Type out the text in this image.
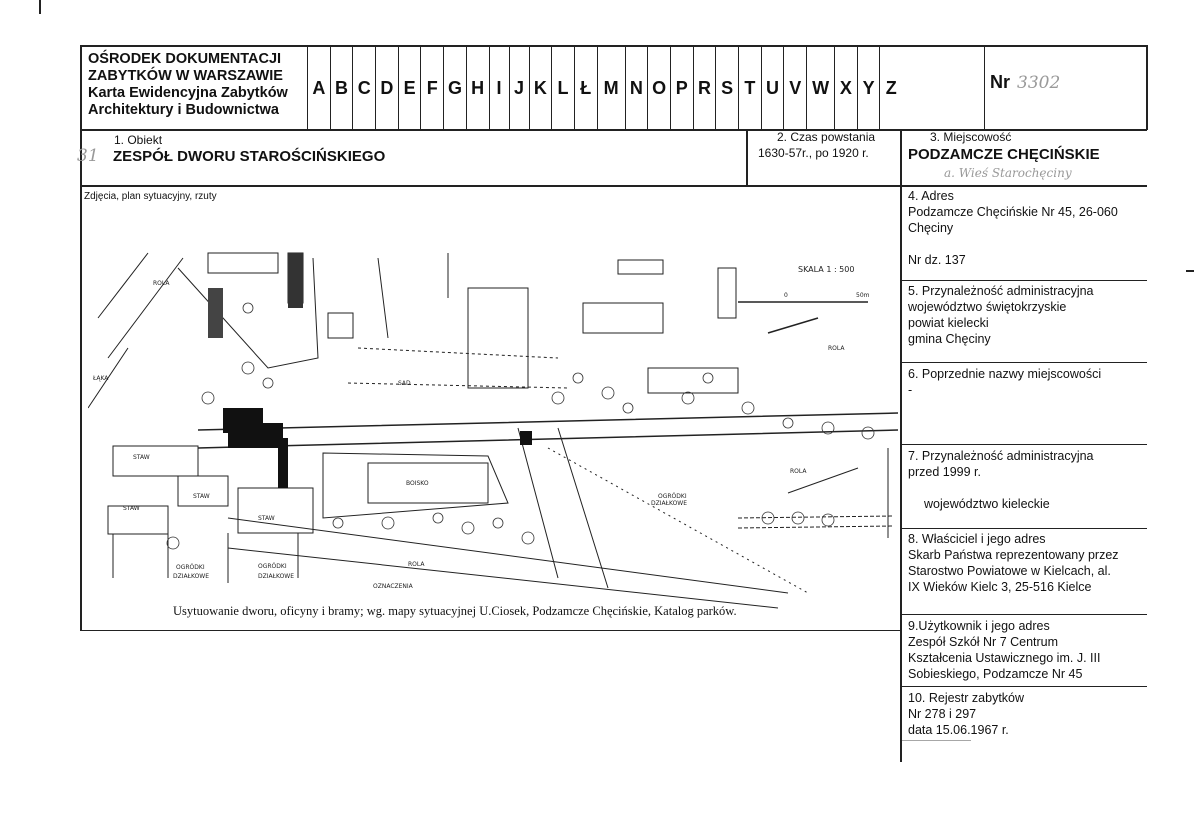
OŚRODEK DOKUMENTACJI
ZABYTKÓW W WARSZAWIE
Karta Ewidencyjna Zabytków
Architektury i Budownictwa
A B C D E F G H I J K L Ł M N O P R S T U V W X Y Z	Nr 3302
1. Obiekt
31 ZESPÓŁ DWORU STAROŚCIŃSKIEGO
2. Czas powstania
1630-57r., po 1920 r.
3. Miejscowość
PODZAMCZE CHĘCIŃSKIE
a. Wieś Starochęciny
Zdjęcia, plan sytuacyjny, rzuty
ROLA
ŁĄKA
SAD
STAW
STAW
STAW
STAW
BOISKO
ROLA
ROLA
ROLA
OGRÓDKI
DZIAŁKOWE
OGRÓDKI
DZIAŁKOWE
OGRÓDKI
DZIAŁKOWE
OZNACZENIA
SKALA 1 : 500
0	50m
Usytuowanie dworu, oficyny i bramy; wg. mapy sytuacyjnej U.Ciosek, Podzamcze Chęcińskie, Katalog parków.
4. Adres
Podzamcze Chęcińskie Nr 45, 26-060
Chęciny
Nr dz. 137
5. Przynależność administracyjna
województwo świętokrzyskie
powiat kielecki
gmina Chęciny
6. Poprzednie nazwy miejscowości
-
7. Przynależność administracyjna
przed 1999 r.
województwo kieleckie
8. Właściciel i jego adres
Skarb Państwa reprezentowany przez
Starostwo Powiatowe w Kielcach, al.
IX Wieków Kielc 3, 25-516 Kielce
9.Użytkownik i jego adres
Zespół Szkół Nr 7 Centrum
Kształcenia Ustawicznego im. J. III
Sobieskiego, Podzamcze Nr 45
10. Rejestr zabytków
Nr 278 i 297
data 15.06.1967 r.
